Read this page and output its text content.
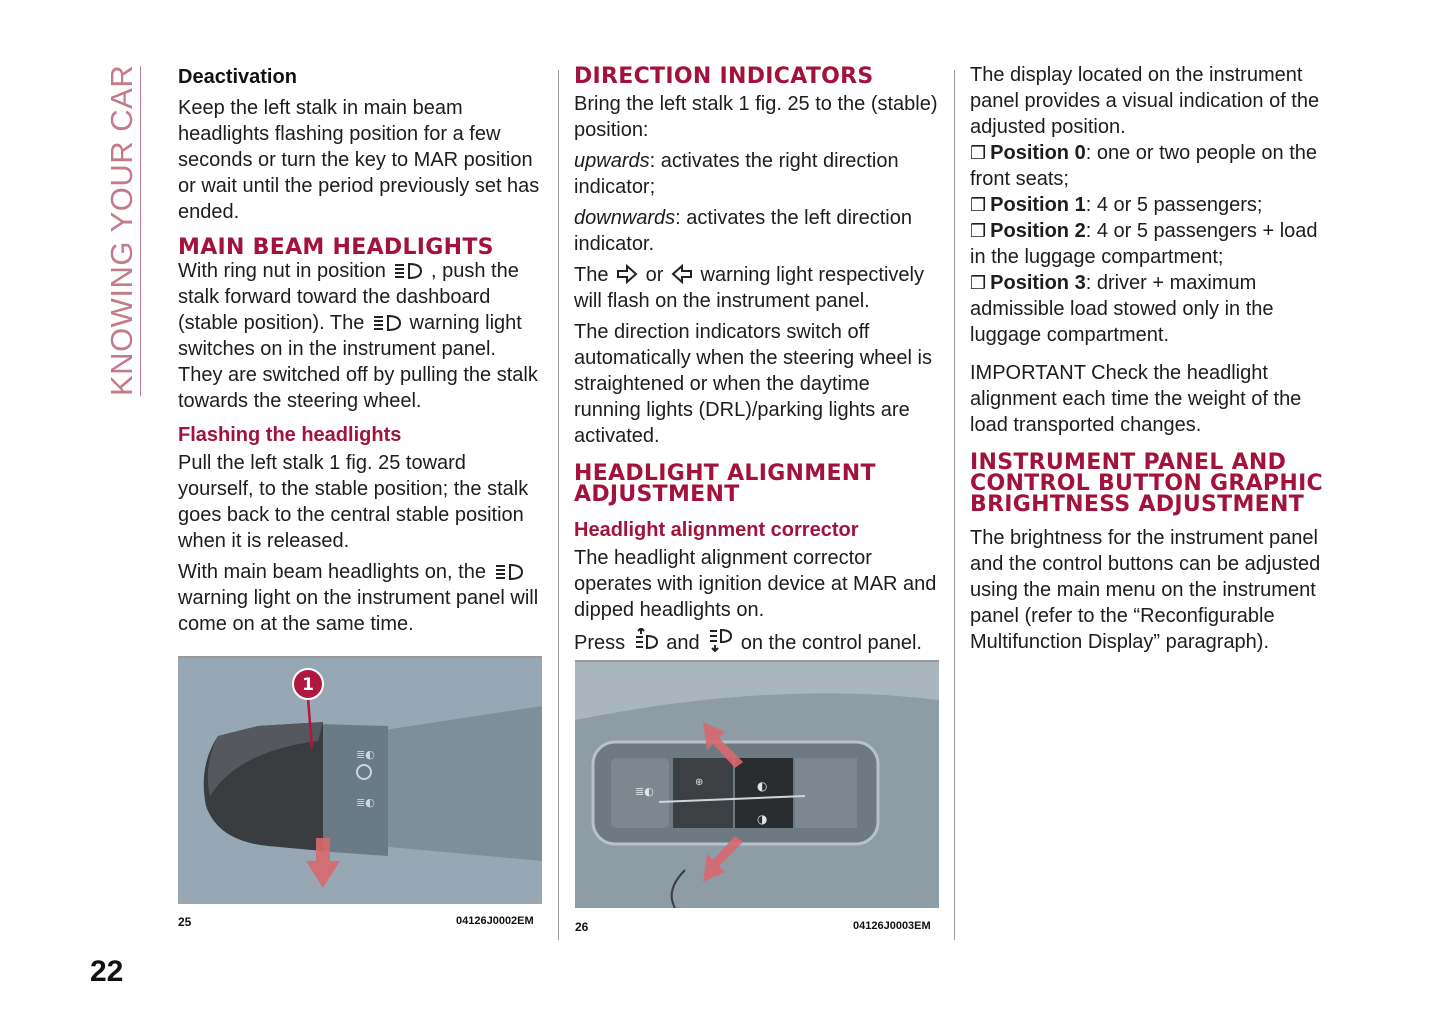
KNOWING YOUR CAR
22
Deactivation

Keep the left stalk in main beam headlights flashing position for a few seconds or turn the key to MAR position or wait until the period previously set has ended.

MAIN BEAM HEADLIGHTS

With ring nut in position , push the stalk forward toward the dashboard (stable position). The warning light switches on in the instrument panel. They are switched off by pulling the stalk towards the steering wheel.

Flashing the headlights

Pull the left stalk 1 fig. 25 toward yourself, to the stable position; the stalk goes back to the central stable position when it is released.

With main beam headlights on, the  warning light on the instrument panel will come on at the same time.

≣◐
≣◐
1
25	04126J0002EM
DIRECTION INDICATORS

Bring the left stalk 1 fig. 25 to the (stable) position:

upwards: activates the right direction indicator;

downwards: activates the left direction indicator.

The or warning light respectively will flash on the instrument panel.

The direction indicators switch off automatically when the steering wheel is straightened or when the daytime running lights (DRL)/parking lights are activated.

HEADLIGHT ALIGNMENT ADJUSTMENT
Headlight alignment corrector

The headlight alignment corrector operates with ignition device at MAR and dipped headlights on.

Press and on the control panel.

≣◐
⊕	◐
◑
26	04126J0003EM

The display located on the instrument panel provides a visual indication of the adjusted position.

❒ Position 0: one or two people on the front seats;

❒ Position 1: 4 or 5 passengers;

❒ Position 2: 4 or 5 passengers + load in the luggage compartment;

❒ Position 3: driver + maximum admissible load stowed only in the luggage compartment.

IMPORTANT Check the headlight alignment each time the weight of the load transported changes.

INSTRUMENT PANEL AND CONTROL BUTTON GRAPHIC BRIGHTNESS ADJUSTMENT

The brightness for the instrument panel and the control buttons can be adjusted using the main menu on the instrument panel (refer to the “Reconfigurable Multifunction Display” paragraph).
